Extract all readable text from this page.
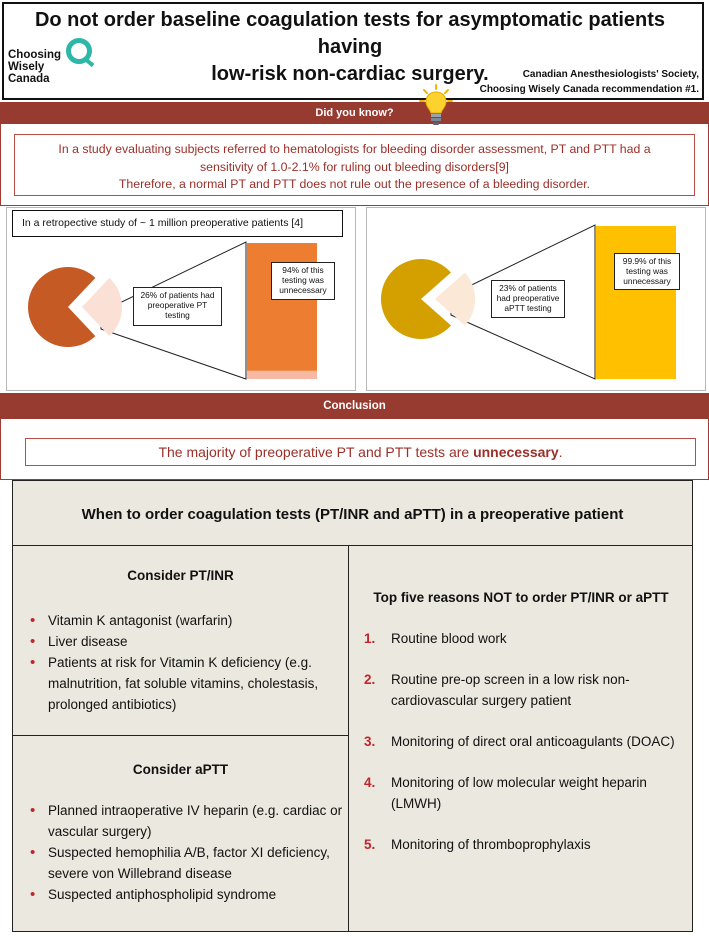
Do not order baseline coagulation tests for asymptomatic patients having
low-risk non-cardiac surgery.
Choosing
Wisely
Canada	Canadian Anesthesiologists' Society,
Choosing Wisely Canada recommendation #1.
Did you know?
In a study evaluating subjects referred to hematologists for bleeding disorder assessment, PT and PTT had a
sensitivity of 1.0-2.1% for ruling out bleeding disorders[9]
Therefore, a normal PT and PTT does not rule out the presence of a bleeding disorder.
In a retropective study of ~ 1 million preoperative patients [4]
26% of patients had preoperative PT testing
94% of this testing was unnecessary	23% of patients had preoperative aPTT testing
99.9% of this testing was unnecessary
Conclusion
The majority of preoperative PT and PTT tests are unnecessary.
When to order coagulation tests (PT/INR and aPTT) in a preoperative patient
Consider PT/INR
• Vitamin K antagonist (warfarin)
• Liver disease
• Patients at risk for Vitamin K deficiency (e.g. malnutrition, fat soluble vitamins, cholestasis, prolonged antibiotics)
Consider aPTT
• Planned intraoperative IV heparin (e.g. cardiac or vascular surgery)
• Suspected hemophilia A/B, factor XI deficiency, severe von Willebrand disease
• Suspected antiphospholipid syndrome
Top five reasons NOT to order PT/INR or aPTT
1. Routine blood work
2. Routine pre-op screen in a low risk non-cardiovascular surgery patient
3. Monitoring of direct oral anticoagulants (DOAC)
4. Monitoring of low molecular weight heparin (LMWH)
5. Monitoring of thromboprophylaxis
